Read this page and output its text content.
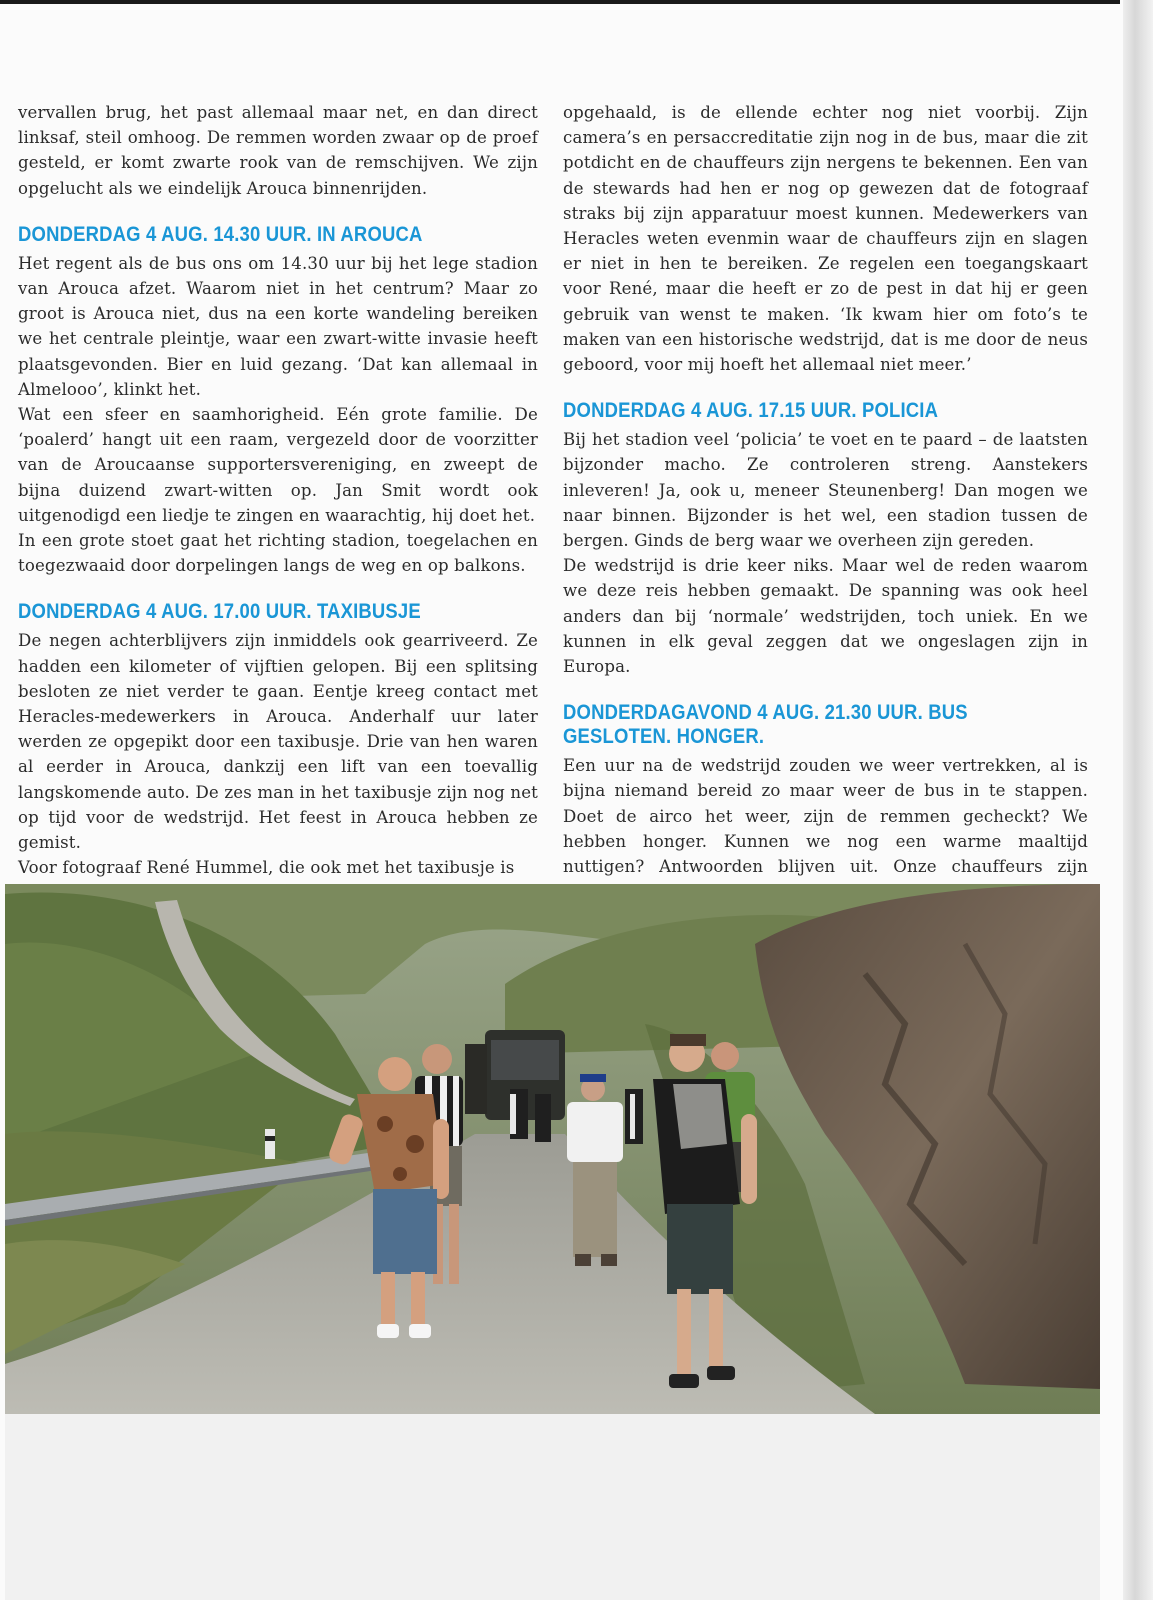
vervallen brug, het past allemaal maar net, en dan direct linksaf, steil omhoog. De remmen worden zwaar op de proef gesteld, er komt zwarte rook van de remschijven. We zijn opgelucht als we eindelijk Arouca binnenrijden.

DONDERDAG 4 AUG. 14.30 UUR. IN AROUCA

Het regent als de bus ons om 14.30 uur bij het lege stadion van Arouca afzet. Waarom niet in het centrum? Maar zo groot is Arouca niet, dus na een korte wandeling bereiken we het centrale pleintje, waar een zwart-witte invasie heeft plaatsgevonden. Bier en luid gezang. ‘Dat kan allemaal in Almelooo’, klinkt het.

Wat een sfeer en saamhorigheid. Eén grote familie. De ‘poalerd’ hangt uit een raam, vergezeld door de voorzitter van de Aroucaanse supportersvereniging, en zweept de bijna duizend zwart-witten op. Jan Smit wordt ook uitgenodigd een liedje te zingen en waarachtig, hij doet het.

In een grote stoet gaat het richting stadion, toegelachen en toegezwaaid door dorpelingen langs de weg en op balkons.

DONDERDAG 4 AUG. 17.00 UUR. TAXIBUSJE

De negen achterblijvers zijn inmiddels ook gearriveerd. Ze hadden een kilometer of vijftien gelopen. Bij een splitsing besloten ze niet verder te gaan. Eentje kreeg contact met Heracles-medewerkers in Arouca. Anderhalf uur later werden ze opgepikt door een taxibusje. Drie van hen waren al eerder in Arouca, dankzij een lift van een toevallig langskomende auto. De zes man in het taxibusje zijn nog net op tijd voor de wedstrijd. Het feest in Arouca hebben ze gemist.

Voor fotograaf René Hummel, die ook met het taxibusje is

opgehaald, is de ellende echter nog niet voorbij. Zijn camera’s en persaccreditatie zijn nog in de bus, maar die zit potdicht en de chauffeurs zijn nergens te bekennen. Een van de stewards had hen er nog op gewezen dat de fotograaf straks bij zijn apparatuur moest kunnen. Medewerkers van Heracles weten evenmin waar de chauffeurs zijn en slagen er niet in hen te bereiken. Ze regelen een toegangskaart voor René, maar die heeft er zo de pest in dat hij er geen gebruik van wenst te maken. ‘Ik kwam hier om foto’s te maken van een historische wedstrijd, dat is me door de neus geboord, voor mij hoeft het allemaal niet meer.’

DONDERDAG 4 AUG. 17.15 UUR. POLICIA

Bij het stadion veel ‘policia’ te voet en te paard – de laatsten bijzonder macho. Ze controleren streng. Aanstekers inleveren! Ja, ook u, meneer Steunenberg! Dan mogen we naar binnen. Bijzonder is het wel, een stadion tussen de bergen. Ginds de berg waar we overheen zijn gereden.

De wedstrijd is drie keer niks. Maar wel de reden waarom we deze reis hebben gemaakt. De spanning was ook heel anders dan bij ‘normale’ wedstrijden, toch uniek. En we kunnen in elk geval zeggen dat we ongeslagen zijn in Europa.

DONDERDAGAVOND 4 AUG. 21.30 UUR. BUS GESLOTEN. HONGER.

Een uur na de wedstrijd zouden we weer vertrekken, al is bijna niemand bereid zo maar weer de bus in te stappen. Doet de airco het weer, zijn de remmen gecheckt? We hebben honger. Kunnen we nog een warme maaltijd nuttigen? Antwoorden blijven uit. Onze chauffeurs zijn
